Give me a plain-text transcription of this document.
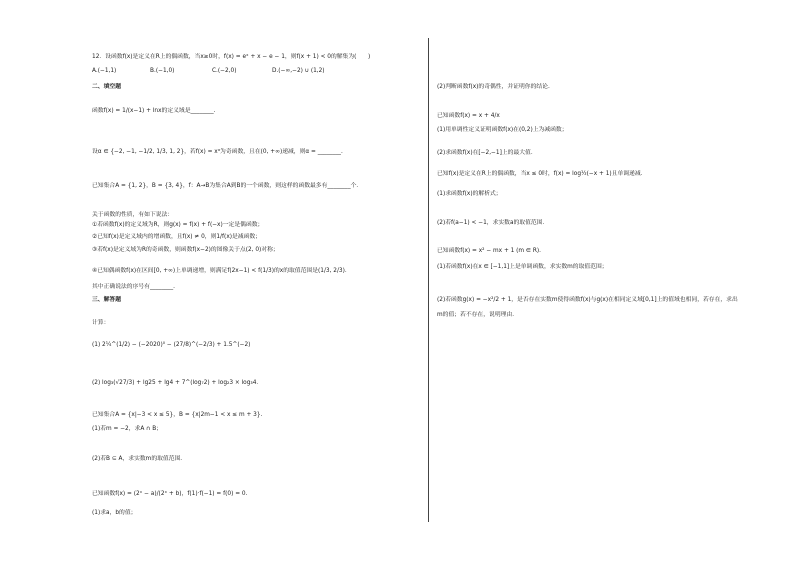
12．设函数f(x)是定义在R上的偶函数，当x≥0时，f(x) = eˣ + x − e − 1，则f(x + 1) < 0的解集为(　　)
A.(−1,1)	B.(−1,0)	C.(−2,0)	D.(−∞,−2) ∪ (1,2)
二、填空题
函数f(x) = 1/(x−1) + lnx的定义域是________.
设α ∈ {−2, −1, −1/2, 1/3, 1, 2}，若f(x) = xᵅ为奇函数，且在(0, +∞)递减，则α = ________.
已知集合A = {1, 2}，B = {3, 4}，f：A→B为集合A到B的一个函数，则这样的函数最多有________个．
关于函数的性质，有如下说法：
①若函数f(x)的定义域为R，则g(x) = f(x) + f(−x)一定是偶函数；
②已知f(x)是定义域内的增函数，且f(x) ≠ 0，则1/f(x)是减函数；
③若f(x)是定义域为R的奇函数，则函数f(x−2)的图像关于点(2, 0)对称；
④已知偶函数f(x)在区间[0, +∞)上单调递增，则满足f(2x−1) < f(1/3)的x的取值范围是(1/3, 2/3)．
其中正确说法的序号有________.
三、解答题
计算：
(1) 2¼^(1/2) − (−2020)⁰ − (27/8)^(−2/3) + 1.5^(−2)
(2) log₃(√27/3) + lg25 + lg4 + 7^(log₇2) + log₂3 × log₃4．
已知集合A = {x|−3 < x ≤ 5}，B = {x|2m−1 < x ≤ m + 3}.
(1)若m = −2，求A ∩ B；
(2)若B ⊆ A，求实数m的取值范围.
已知函数f(x) = (2ˣ − a)/(2ˣ + b)，f(1)·f(−1) = f(0) = 0.
(1)求a，b的值；
(2)判断函数f(x)的奇偶性，并证明你的结论.
已知函数f(x) = x + 4/x
(1)用单调性定义证明函数f(x)在(0,2)上为减函数；
(2)求函数f(x)在[−2,−1]上的最大值．
已知f(x)是定义在R上的偶函数，当x ≤ 0时，f(x) = log½(−x + 1)且单调递减．
(1)求函数f(x)的解析式；
(2)若f(a−1) < −1，求实数a的取值范围．
已知函数f(x) = x² − mx + 1 (m ∈ R).
(1)若函数f(x)在x ∈ [−1,1]上是单调函数，求实数m的取值范围；
(2)若函数g(x) = −x²/2 + 1，是否存在实数m使得函数f(x)与g(x)在相同定义域[0,1]上的值域也相同，若存在，求出
m的值；若不存在，说明理由．
